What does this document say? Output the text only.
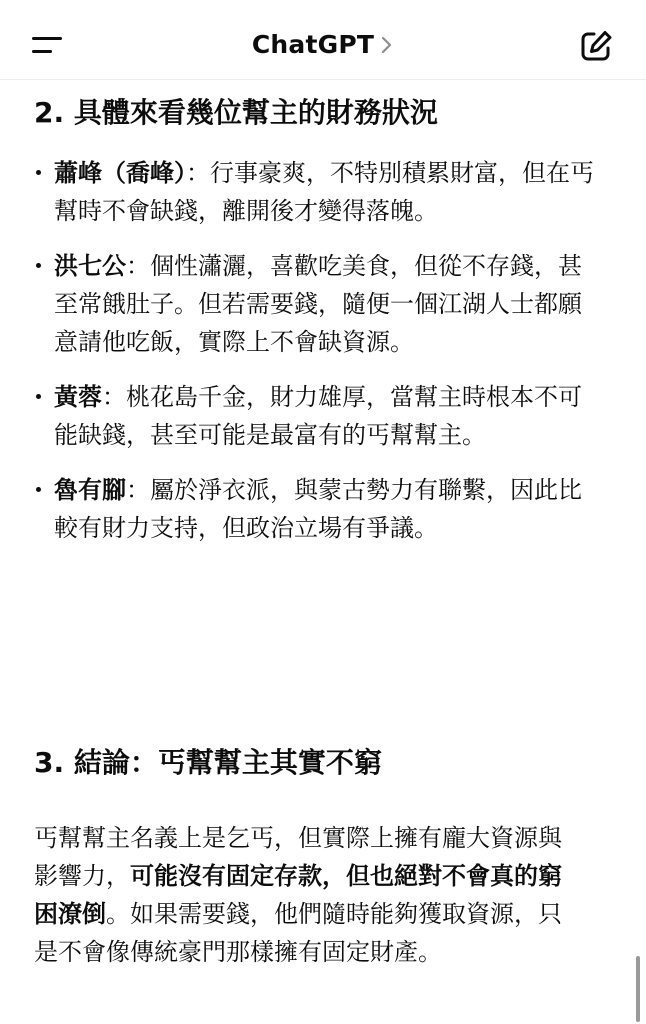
ChatGPT
2. 具體來看幾位幫主的財務狀況
蕭峰（喬峰）：行事豪爽，不特別積累財富，但在丐幫時不會缺錢，離開後才變得落魄。
洪七公：個性瀟灑，喜歡吃美食，但從不存錢，甚至常餓肚子。但若需要錢，隨便一個江湖人士都願意請他吃飯，實際上不會缺資源。
黃蓉：桃花島千金，財力雄厚，當幫主時根本不可能缺錢，甚至可能是最富有的丐幫幫主。
魯有腳：屬於淨衣派，與蒙古勢力有聯繫，因此比較有財力支持，但政治立場有爭議。
3. 結論：丐幫幫主其實不窮

丐幫幫主名義上是乞丐，但實際上擁有龐大資源與影響力，可能沒有固定存款，但也絕對不會真的窮困潦倒。如果需要錢，他們隨時能夠獲取資源，只是不會像傳統豪門那樣擁有固定財產。
